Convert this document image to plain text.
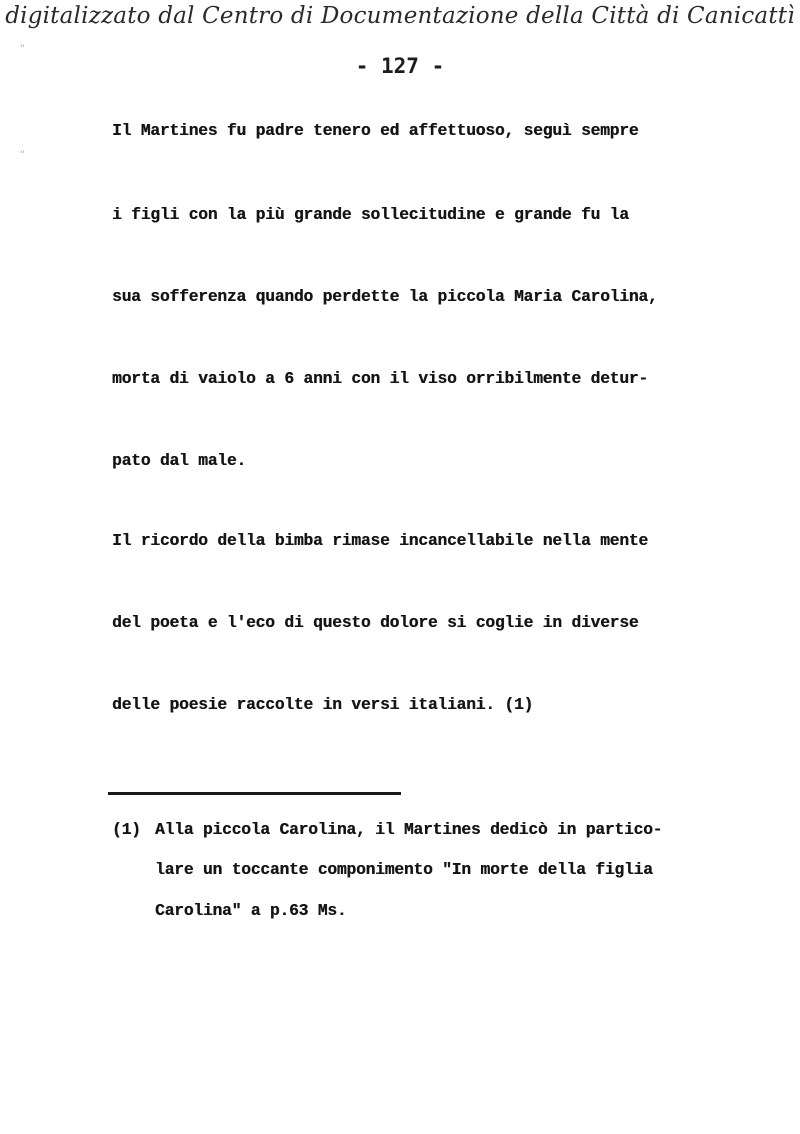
digitalizzato dal Centro di Documentazione della Città di Canicattì
- 127 -
''
''
Il Martines fu padre tenero ed affettuoso, seguì sempre
i figli con la più grande sollecitudine e grande fu la
sua sofferenza quando perdette la piccola Maria Carolina,
morta di vaiolo a 6 anni con il viso orribilmente detur-
pato dal male.
Il ricordo della bimba rimase incancellabile nella mente
del poeta e l'eco di questo dolore si coglie in diverse
delle poesie raccolte in versi italiani. (1)
(1) Alla piccola Carolina, il Martines dedicò in partico-
lare un toccante componimento "In morte della figlia
Carolina" a p.63 Ms.
